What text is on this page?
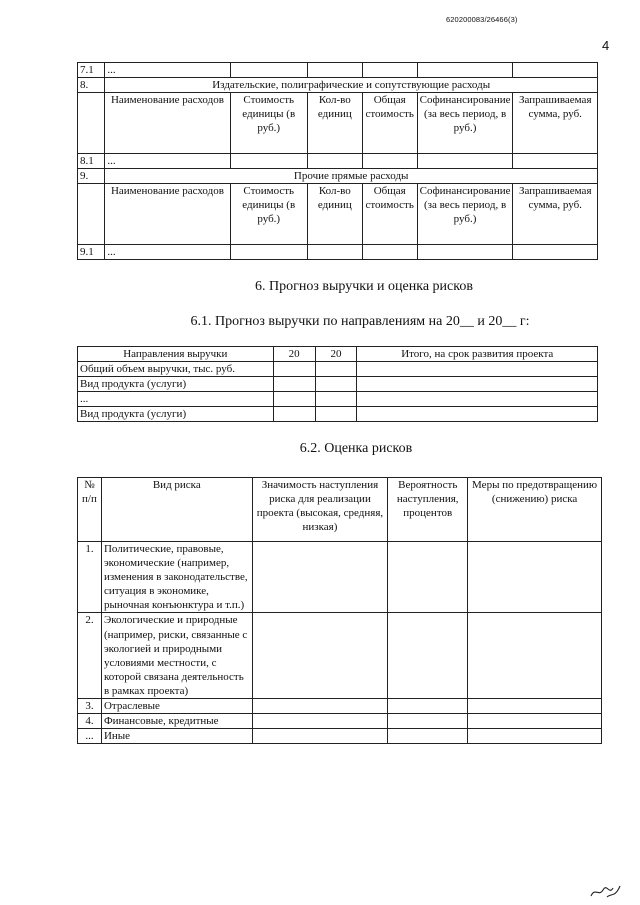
620200083/26466(3)
4
7.1	...					
8.	Издательские, полиграфические и сопутствующие расходы					
	Наименование расходов	Стоимость единицы (в руб.)	Кол-во единиц	Общая стоимость	Софинансирование (за весь период, в руб.)	Запрашиваемая сумма, руб.
8.1	...					
9.	Прочие прямые расходы					
	Наименование расходов	Стоимость единицы (в руб.)	Кол-во единиц	Общая стоимость	Софинансирование (за весь период, в руб.)	Запрашиваемая сумма, руб.
9.1	...					
6. Прогноз выручки и оценка рисков
6.1. Прогноз выручки по направлениям на 20__ и 20__ г:
Направления выручки	20	20	Итого, на срок развития проекта
Общий объем выручки, тыс. руб.			
Вид продукта (услуги)			
...			
Вид продукта (услуги)			
6.2. Оценка рисков
№ п/п	Вид риска	Значимость наступления риска для реализации проекта (высокая, средняя, низкая)	Вероятность наступления, процентов	Меры по предотвращению (снижению) риска
1.	Политические, правовые, экономические (например, изменения в законодательстве, ситуация в экономике, рыночная конъюнктура и т.п.)			
2.	Экологические и природные (например, риски, связанные с экологией и природными условиями местности, с которой связана деятельность в рамках проекта)			
3.	Отраслевые			
4.	Финансовые, кредитные			
...	Иные			
